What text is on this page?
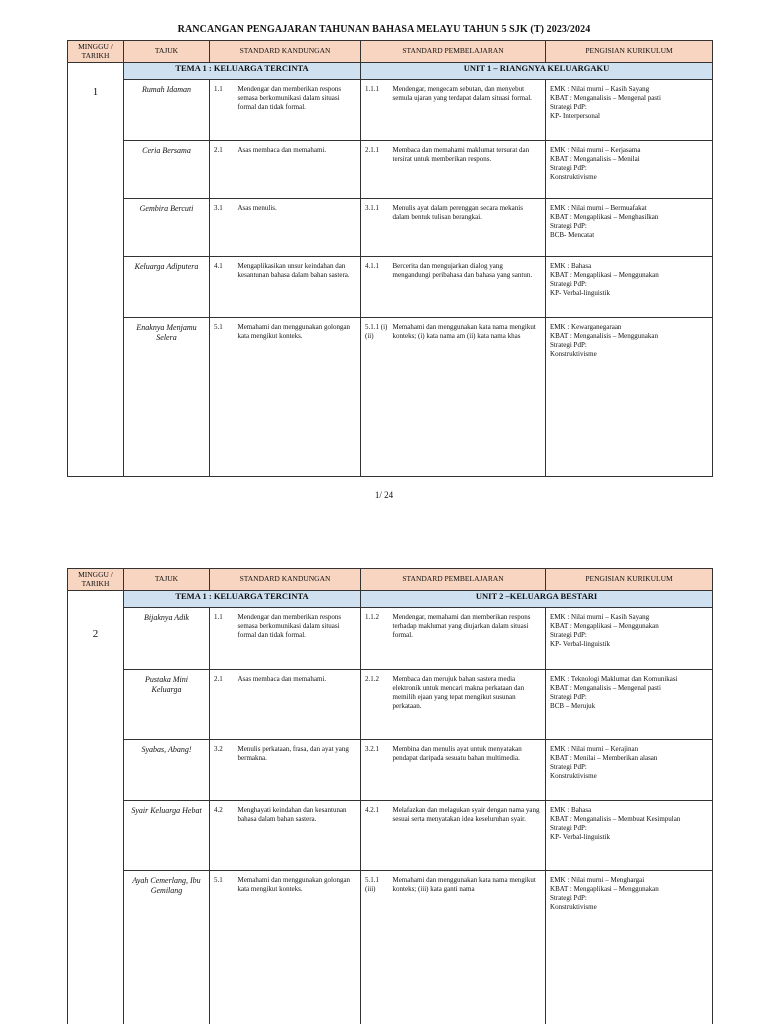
RANCANGAN PENGAJARAN TAHUNAN BAHASA MELAYU TAHUN 5 SJK (T) 2023/2024
MINGGU / TARIKH	TAJUK	STANDARD KANDUNGAN		STANDARD PEMBELAJARAN		PENGISIAN KURIKULUM
1	TEMA 1 : KELUARGA TERCINTA			UNIT 1 – RIANGNYA KELUARGAKU		
	Rumah Idaman	1.1	Mendengar dan memberikan respons semasa berkomunikasi dalam situasi formal dan tidak formal.	1.1.1	Mendengar, mengecam sebutan, dan menyebut semula ujaran yang terdapat dalam situasi formal.	EMK : Nilai murni – Kasih Sayang
KBAT : Menganalisis – Mengenal pasti
Strategi PdP:
KP- Interpersonal

	Ceria Bersama	2.1	Asas membaca dan memahami.	2.1.1	Membaca dan memahami maklumat tersurat dan tersirat untuk memberikan respons.	EMK : Nilai murni – Kerjasama
KBAT : Menganalisis – Menilai
Strategi PdP:
Konstruktivisme

	Gembira Bercuti	3.1	Asas menulis.	3.1.1	Menulis ayat dalam perenggan secara mekanis dalam bentuk tulisan berangkai.	EMK : Nilai murni – Bermuafakat
KBAT : Mengaplikasi – Menghasilkan
Strategi PdP:
BCB- Mencatat

	Keluarga Adiputera	4.1	Mengaplikasikan unsur keindahan dan kesantunan bahasa dalam bahan sastera.	4.1.1	Bercerita dan mengujarkan dialog yang mengandungi peribahasa dan bahasa yang santun.	EMK : Bahasa
KBAT : Mengaplikasi – Menggunakan
Strategi PdP:
KP- Verbal-linguistik

	Enaknya Menjamu Selera	5.1	Memahami dan menggunakan golongan kata mengikut konteks.	5.1.1 (i)(ii)	Memahami dan menggunakan kata nama mengikut konteks; (i) kata nama am (ii) kata nama khas	EMK : Kewarganegaraan
KBAT : Menganalisis – Menggunakan
Strategi PdP:
Konstruktivisme
1/ 24
MINGGU / TARIKH	TAJUK	STANDARD KANDUNGAN		STANDARD PEMBELAJARAN		PENGISIAN KURIKULUM
2	TEMA 1 : KELUARGA TERCINTA			UNIT 2 –KELUARGA BESTARI		
	Bijaknya Adik	1.1	Mendengar dan memberikan respons semasa berkomunikasi dalam situasi formal dan tidak formal.	1.1.2	Mendengar, memahami dan memberikan respons terhadap maklumat yang diujarkan dalam situasi formal.	EMK : Nilai murni – Kasih Sayang
KBAT : Mengaplikasi – Menggunakan
Strategi PdP:
KP- Verbal-linguistik

	Pustaka Mini Keluarga	2.1	Asas membaca dan memahami.	2.1.2	Membaca dan merujuk bahan sastera media elektronik untuk mencari makna perkataan dan memilih ejaan yang tepat mengikut susunan perkataan.	EMK : Teknologi Maklumat dan Komunikasi
KBAT : Menganalisis – Mengenal pasti
Strategi PdP:
BCB – Merujuk

	Syabas, Abang!	3.2	Menulis perkataan, frasa, dan ayat yang bermakna.	3.2.1	Membina dan menulis ayat untuk menyatakan pendapat daripada sesuatu bahan multimedia.	EMK : Nilai murni – Kerajinan
KBAT : Menilai – Memberikan alasan
Strategi PdP:
Konstruktivisme

	Syair Keluarga Hebat	4.2	Menghayati keindahan dan kesantunan bahasa dalam bahan sastera.	4.2.1	Melafazkan dan melagukan syair dengan nama yang sesuai serta menyatakan idea keseluruhan syair.	EMK : Bahasa
KBAT : Menganalisis – Membuat Kesimpulan
Strategi PdP:
KP- Verbal-linguistik

	Ayah Cemerlang, Ibu Gemilang	5.1	Memahami dan menggunakan golongan kata mengikut konteks.	5.1.1 (iii)	Memahami dan menggunakan kata nama mengikut konteks; (iii) kata ganti nama	EMK : Nilai murni – Menghargai
KBAT : Mengaplikasi – Menggunakan
Strategi PdP:
Konstruktivisme
